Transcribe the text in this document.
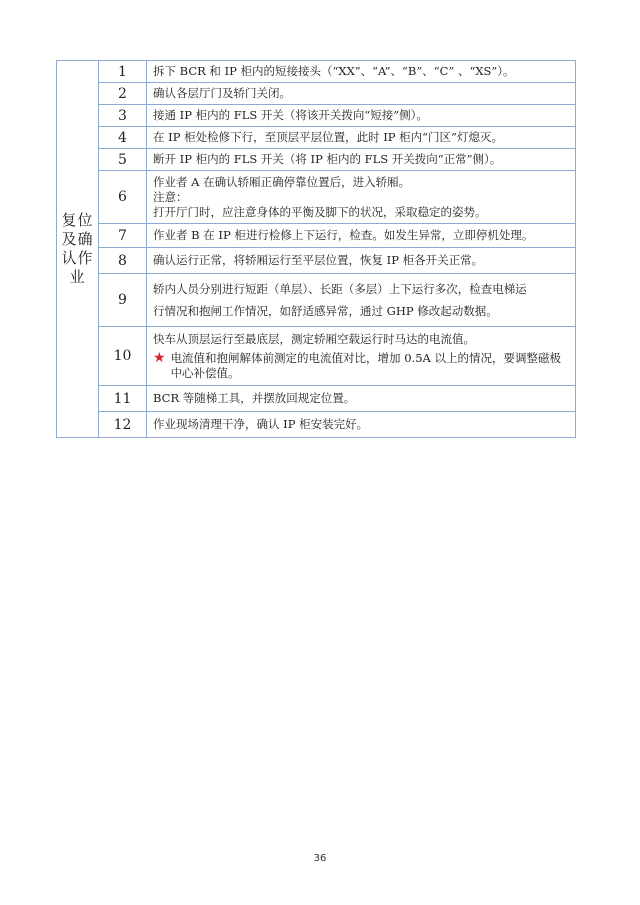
复位及确认作业	1	拆下 BCR 和 IP 柜内的短接接头（“XX”、“A”、“B”、“C” 、“XS”）。

	2	确认各层厅门及轿门关闭。

	3	接通 IP 柜内的 FLS 开关（将该开关拨向“短接”侧）。

	4	在 IP 柜处检修下行，至顶层平层位置，此时 IP 柜内“门区”灯熄灭。

	5	断开 IP 柜内的 FLS 开关（将 IP 柜内的 FLS 开关拨向“正常”侧）。

	6	作业者 A 在确认轿厢正确停靠位置后，进入轿厢。
注意：
打开厅门时，应注意身体的平衡及脚下的状况，采取稳定的姿势。

	7	作业者 B 在 IP 柜进行检修上下运行，检查。如发生异常，立即停机处理。

	8	确认运行正常，将轿厢运行至平层位置，恢复 IP 柜各开关正常。

	9	轿内人员分别进行短距（单层）、长距（多层）上下运行多次，检查电梯运
行情况和抱闸工作情况，如舒适感异常，通过 GHP 修改起动数据。

	10	快车从顶层运行至最底层，测定轿厢空载运行时马达的电流值。
★ 电流值和抱闸解体前测定的电流值对比，增加 0.5A 以上的情况，要调整磁极中心补偿值。

	11	BCR 等随梯工具，并摆放回规定位置。

	12	作业现场清理干净，确认 IP 柜安装完好。
36
